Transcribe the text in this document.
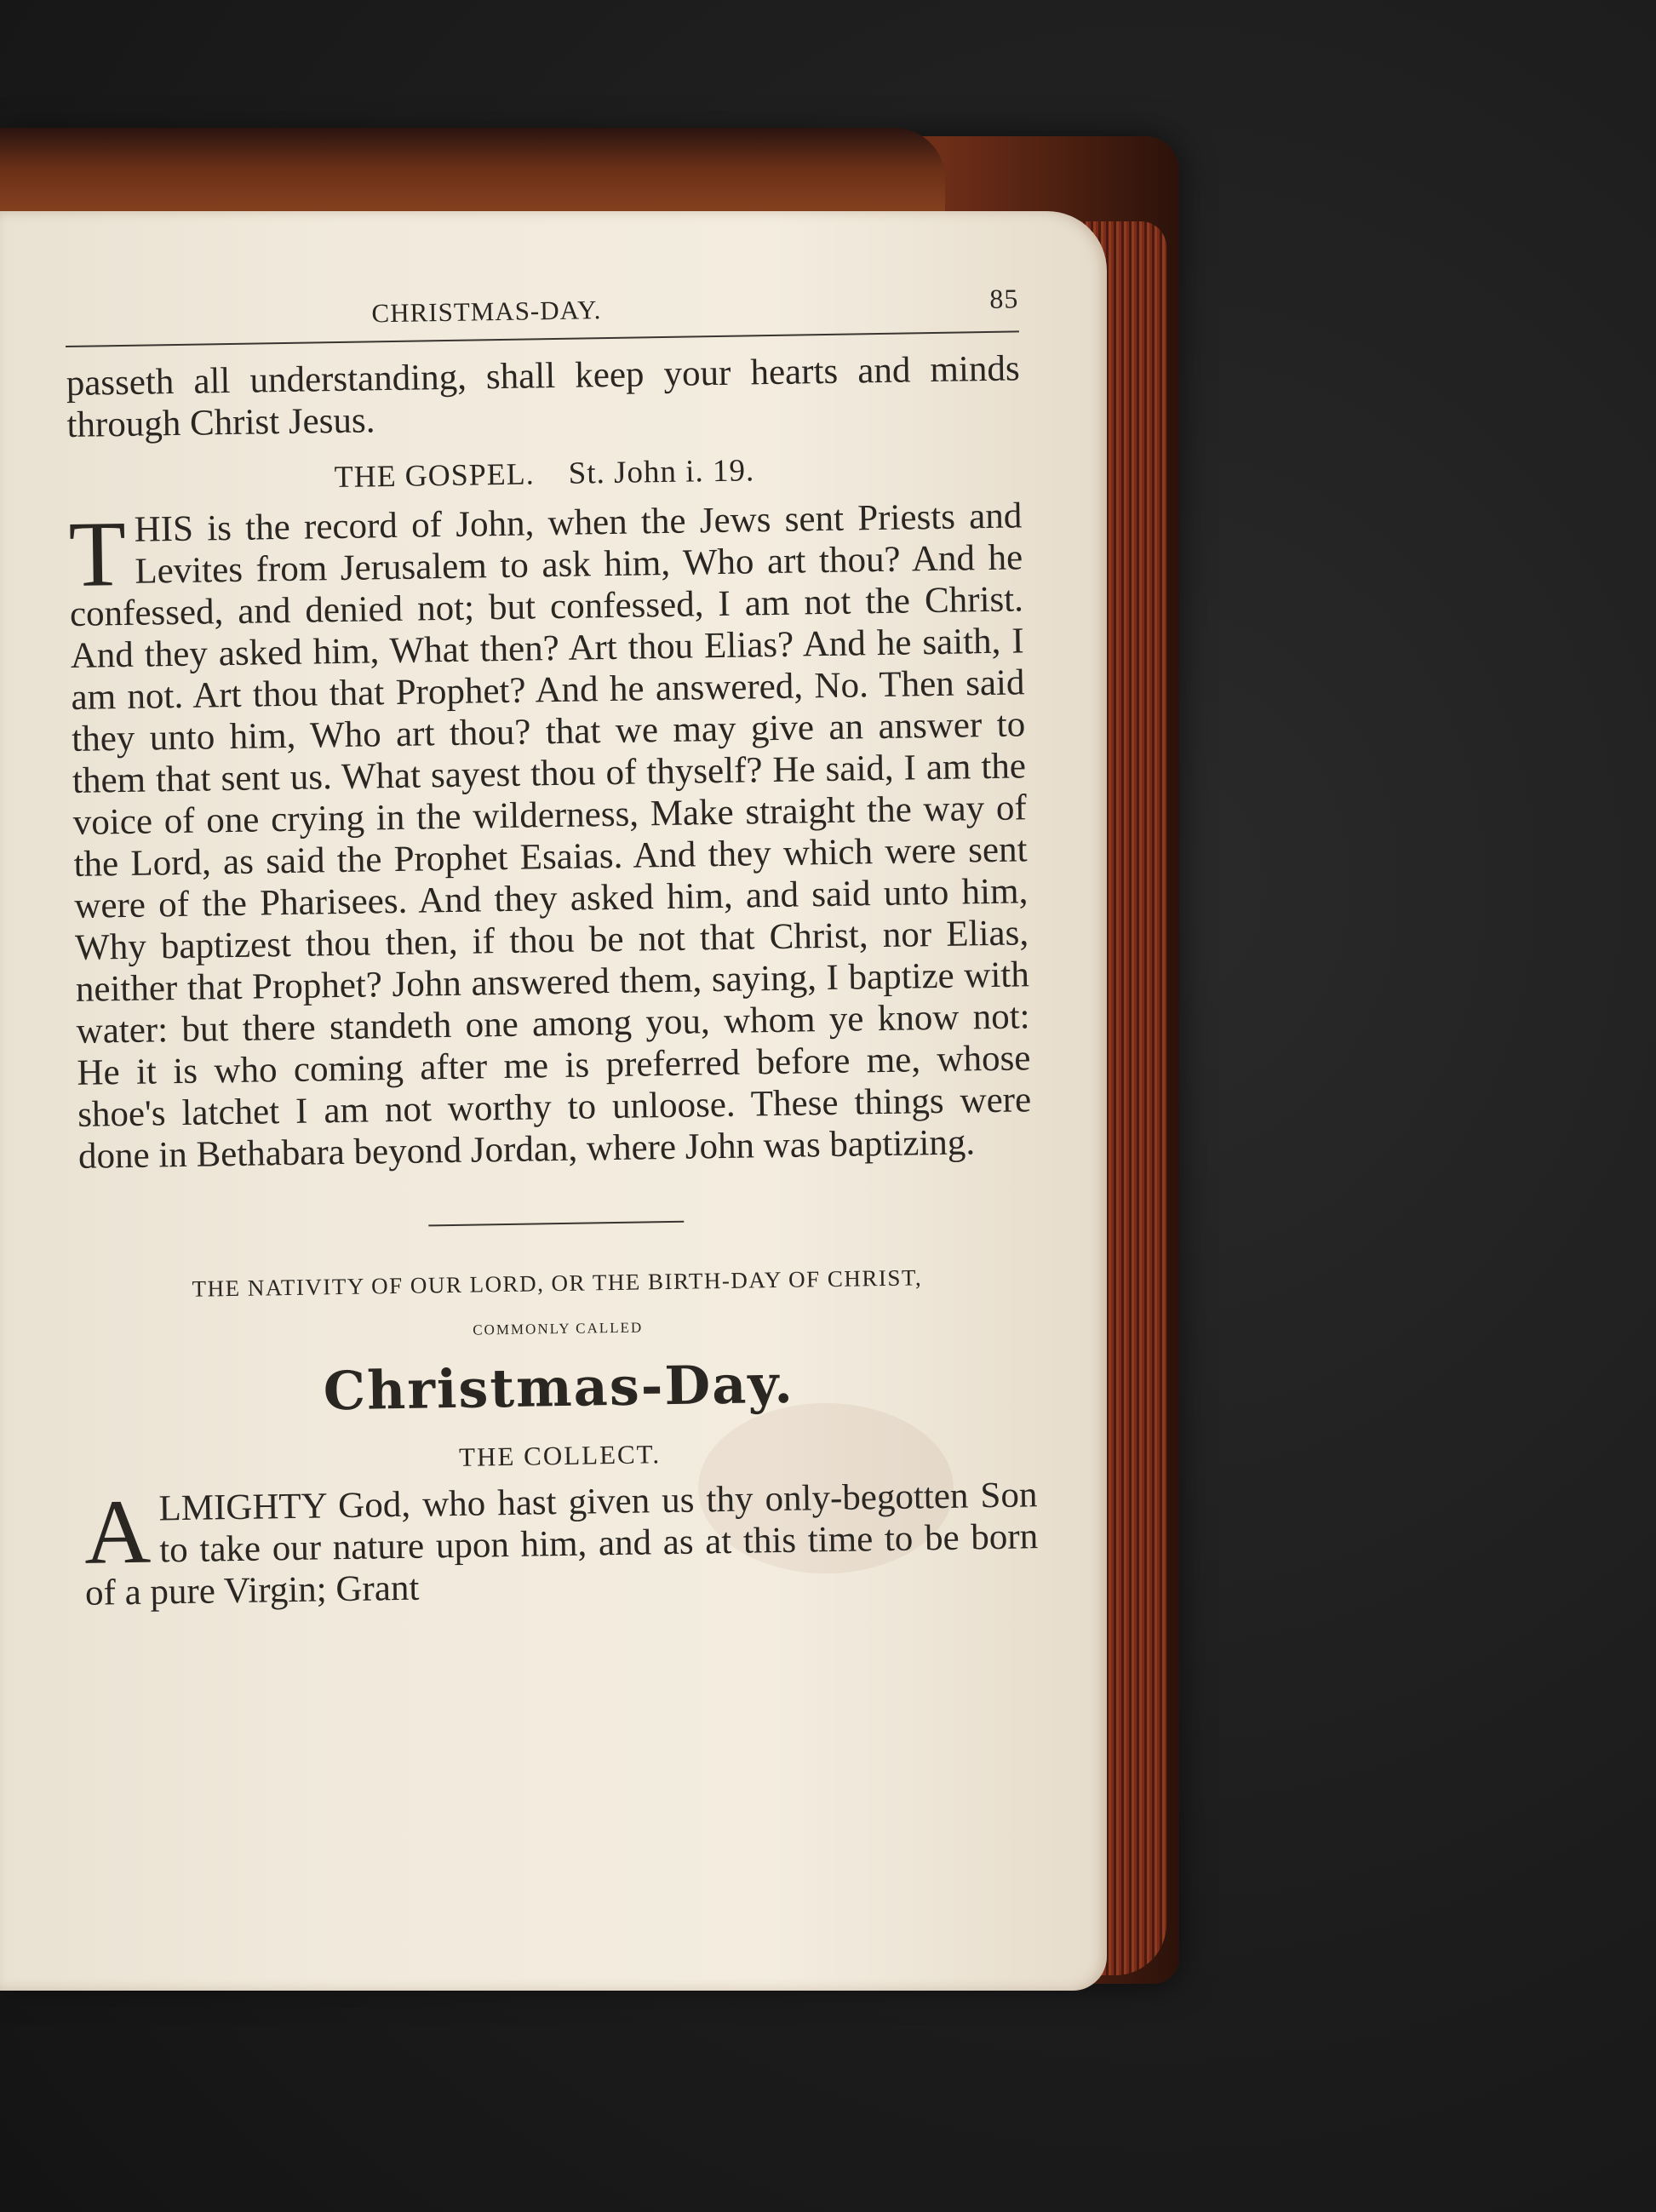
CHRISTMAS-DAY.	85

passeth all understanding, shall keep your hearts and minds through Christ Jesus.

THE GOSPEL. St. John i. 19.
T HIS is the record of John, when the Jews sent Priests and Levites from Jerusalem to ask him, Who art thou? And he confessed, and denied not; but confessed, I am not the Christ. And they asked him, What then? Art thou Elias? And he saith, I am not. Art thou that Prophet? And he answered, No. Then said they unto him, Who art thou? that we may give an answer to them that sent us. What sayest thou of thyself? He said, I am the voice of one crying in the wilderness, Make straight the way of the Lord, as said the Prophet Esaias. And they which were sent were of the Pharisees. And they asked him, and said unto him, Why baptizest thou then, if thou be not that Christ, nor Elias, neither that Prophet? John answered them, saying, I baptize with water: but there standeth one among you, whom ye know not: He it is who coming after me is preferred before me, whose shoe's latchet I am not worthy to unloose. These things were done in Bethabara beyond Jordan, where John was baptizing.

THE NATIVITY OF OUR LORD, OR THE BIRTH-DAY OF CHRIST,
COMMONLY CALLED
Christmas-Day.
THE COLLECT.
A LMIGHTY God, who hast given us thy only-begotten Son to take our nature upon him, and as at this time to be born of a pure Virgin; Grant
